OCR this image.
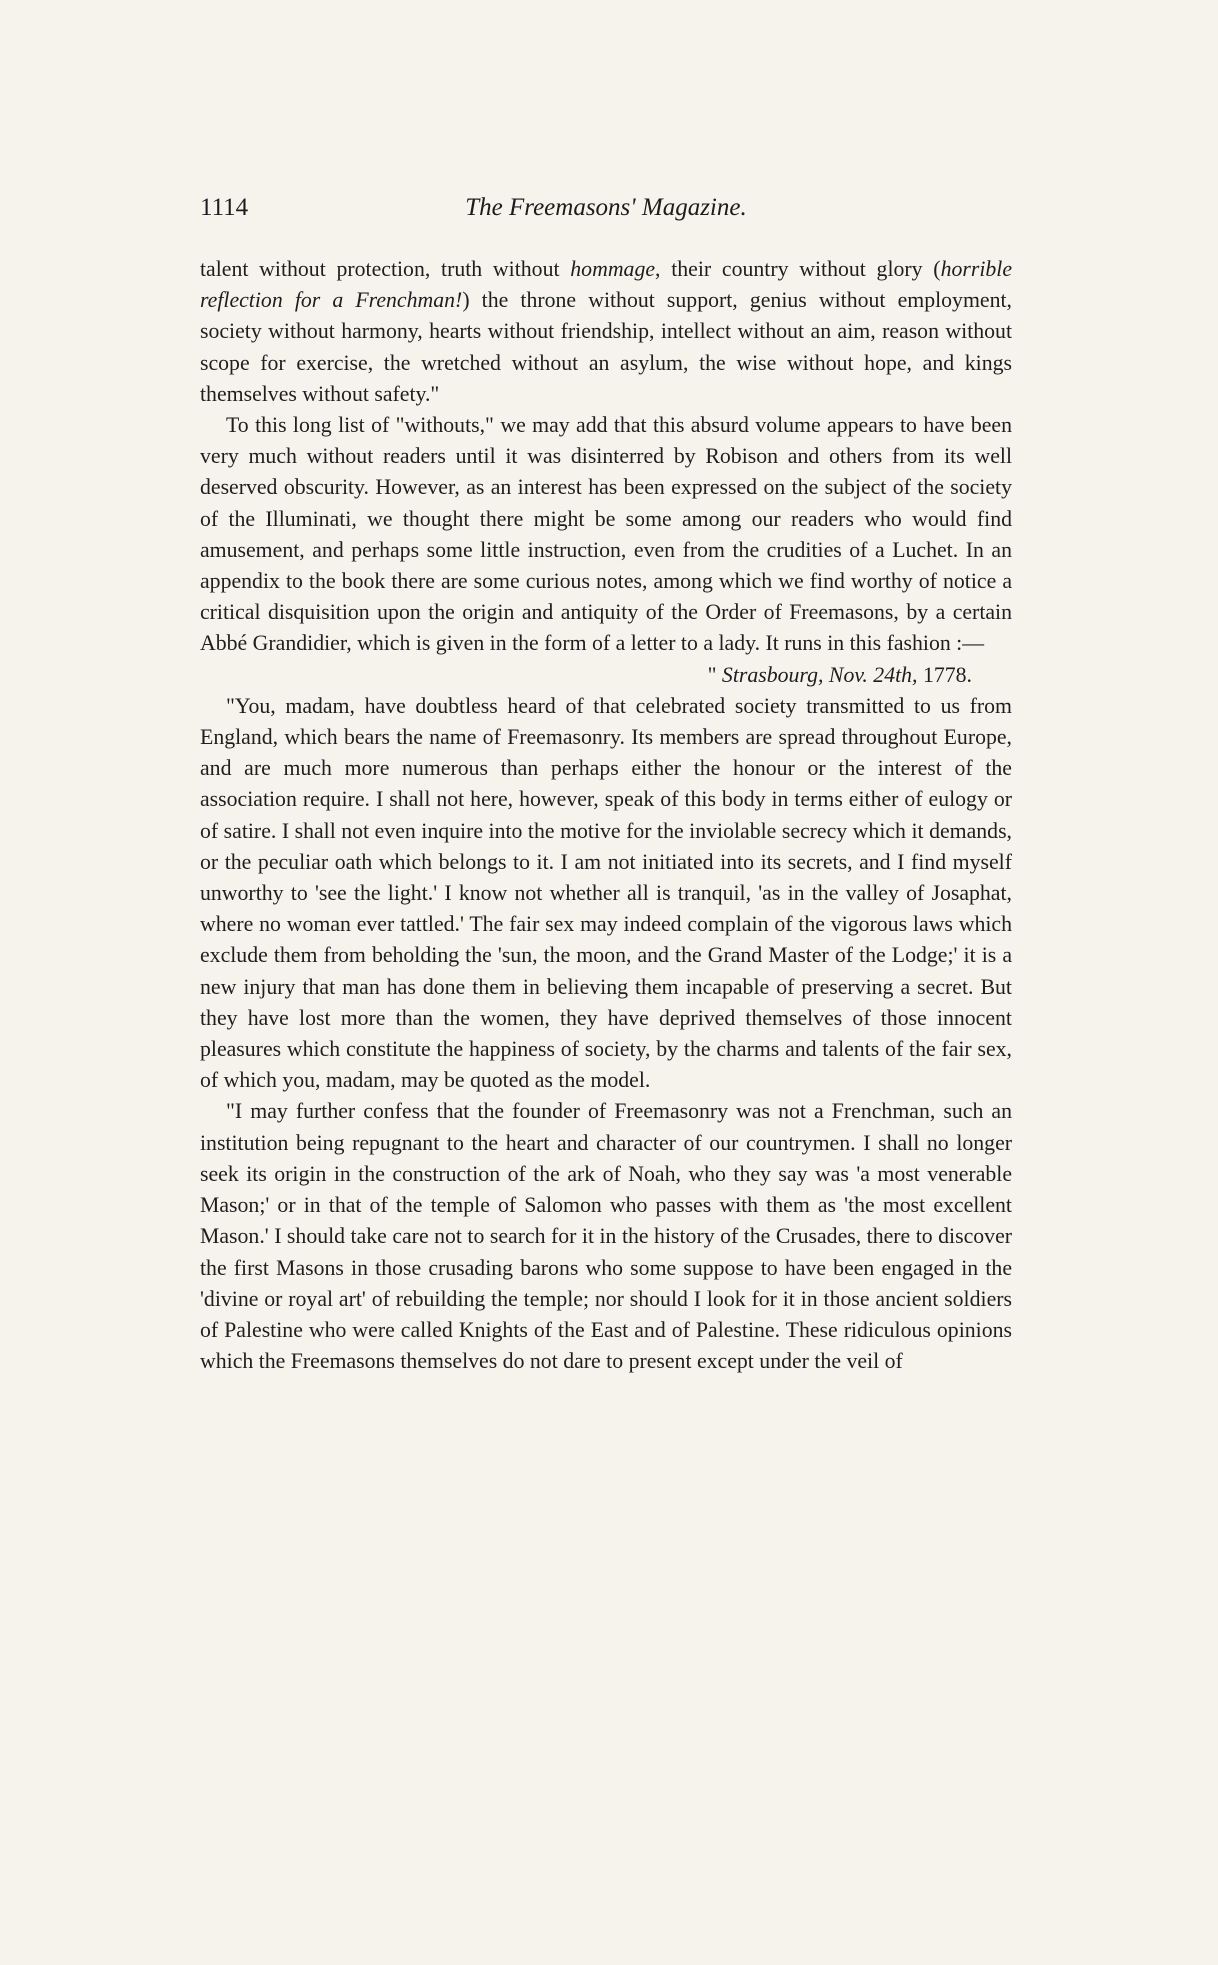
1114	The Freemasons' Magazine.

talent without protection, truth without hommage, their country without glory (horrible reflection for a Frenchman!) the throne without support, genius without employment, society without harmony, hearts without friendship, intellect without an aim, reason without scope for exercise, the wretched without an asylum, the wise without hope, and kings themselves without safety."

To this long list of "withouts," we may add that this absurd volume appears to have been very much without readers until it was disinterred by Robison and others from its well deserved obscurity. However, as an interest has been expressed on the subject of the society of the Illuminati, we thought there might be some among our readers who would find amusement, and perhaps some little instruction, even from the crudities of a Luchet. In an appendix to the book there are some curious notes, among which we find worthy of notice a critical disquisition upon the origin and antiquity of the Order of Freemasons, by a certain Abbé Grandidier, which is given in the form of a letter to a lady. It runs in this fashion :—

" Strasbourg, Nov. 24th, 1778.

"You, madam, have doubtless heard of that celebrated society transmitted to us from England, which bears the name of Freemasonry. Its members are spread throughout Europe, and are much more numerous than perhaps either the honour or the interest of the association require. I shall not here, however, speak of this body in terms either of eulogy or of satire. I shall not even inquire into the motive for the inviolable secrecy which it demands, or the peculiar oath which belongs to it. I am not initiated into its secrets, and I find myself unworthy to 'see the light.' I know not whether all is tranquil, 'as in the valley of Josaphat, where no woman ever tattled.' The fair sex may indeed complain of the vigorous laws which exclude them from beholding the 'sun, the moon, and the Grand Master of the Lodge;' it is a new injury that man has done them in believing them incapable of preserving a secret. But they have lost more than the women, they have deprived themselves of those innocent pleasures which constitute the happiness of society, by the charms and talents of the fair sex, of which you, madam, may be quoted as the model.

"I may further confess that the founder of Freemasonry was not a Frenchman, such an institution being repugnant to the heart and character of our countrymen. I shall no longer seek its origin in the construction of the ark of Noah, who they say was 'a most venerable Mason;' or in that of the temple of Salomon who passes with them as 'the most excellent Mason.' I should take care not to search for it in the history of the Crusades, there to discover the first Masons in those crusading barons who some suppose to have been engaged in the 'divine or royal art' of rebuilding the temple; nor should I look for it in those ancient soldiers of Palestine who were called Knights of the East and of Palestine. These ridiculous opinions which the Freemasons themselves do not dare to present except under the veil of
